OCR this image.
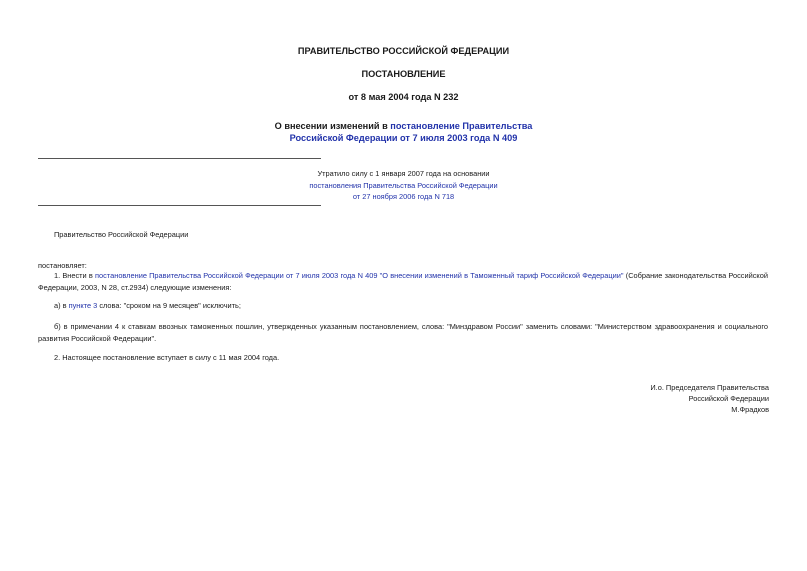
ПРАВИТЕЛЬСТВО РОССИЙСКОЙ ФЕДЕРАЦИИ
ПОСТАНОВЛЕНИЕ
от 8 мая 2004 года N 232
О внесении изменений в постановление Правительства
Российской Федерации от 7 июля 2003 года N 409
Утратило силу с 1 января 2007 года на основании
постановления Правительства Российской Федерации
от 27 ноября 2006 года N 718
Правительство Российской Федерации
постановляет:
1. Внести в постановление Правительства Российской Федерации от 7 июля 2003 года N 409 "О внесении изменений в Таможенный тариф Российской Федерации" (Собрание законодательства Российской Федерации, 2003, N 28, ст.2934) следующие изменения:
а) в пункте 3 слова: "сроком на 9 месяцев" исключить;
б) в примечании 4 к ставкам ввозных таможенных пошлин, утвержденных указанным постановлением, слова: "Минздравом России" заменить словами: "Министерством здравоохранения и социального развития Российской Федерации".
2. Настоящее постановление вступает в силу с 11 мая 2004 года.
И.о. Председателя Правительства
Российской Федерации
М.Фрадков
